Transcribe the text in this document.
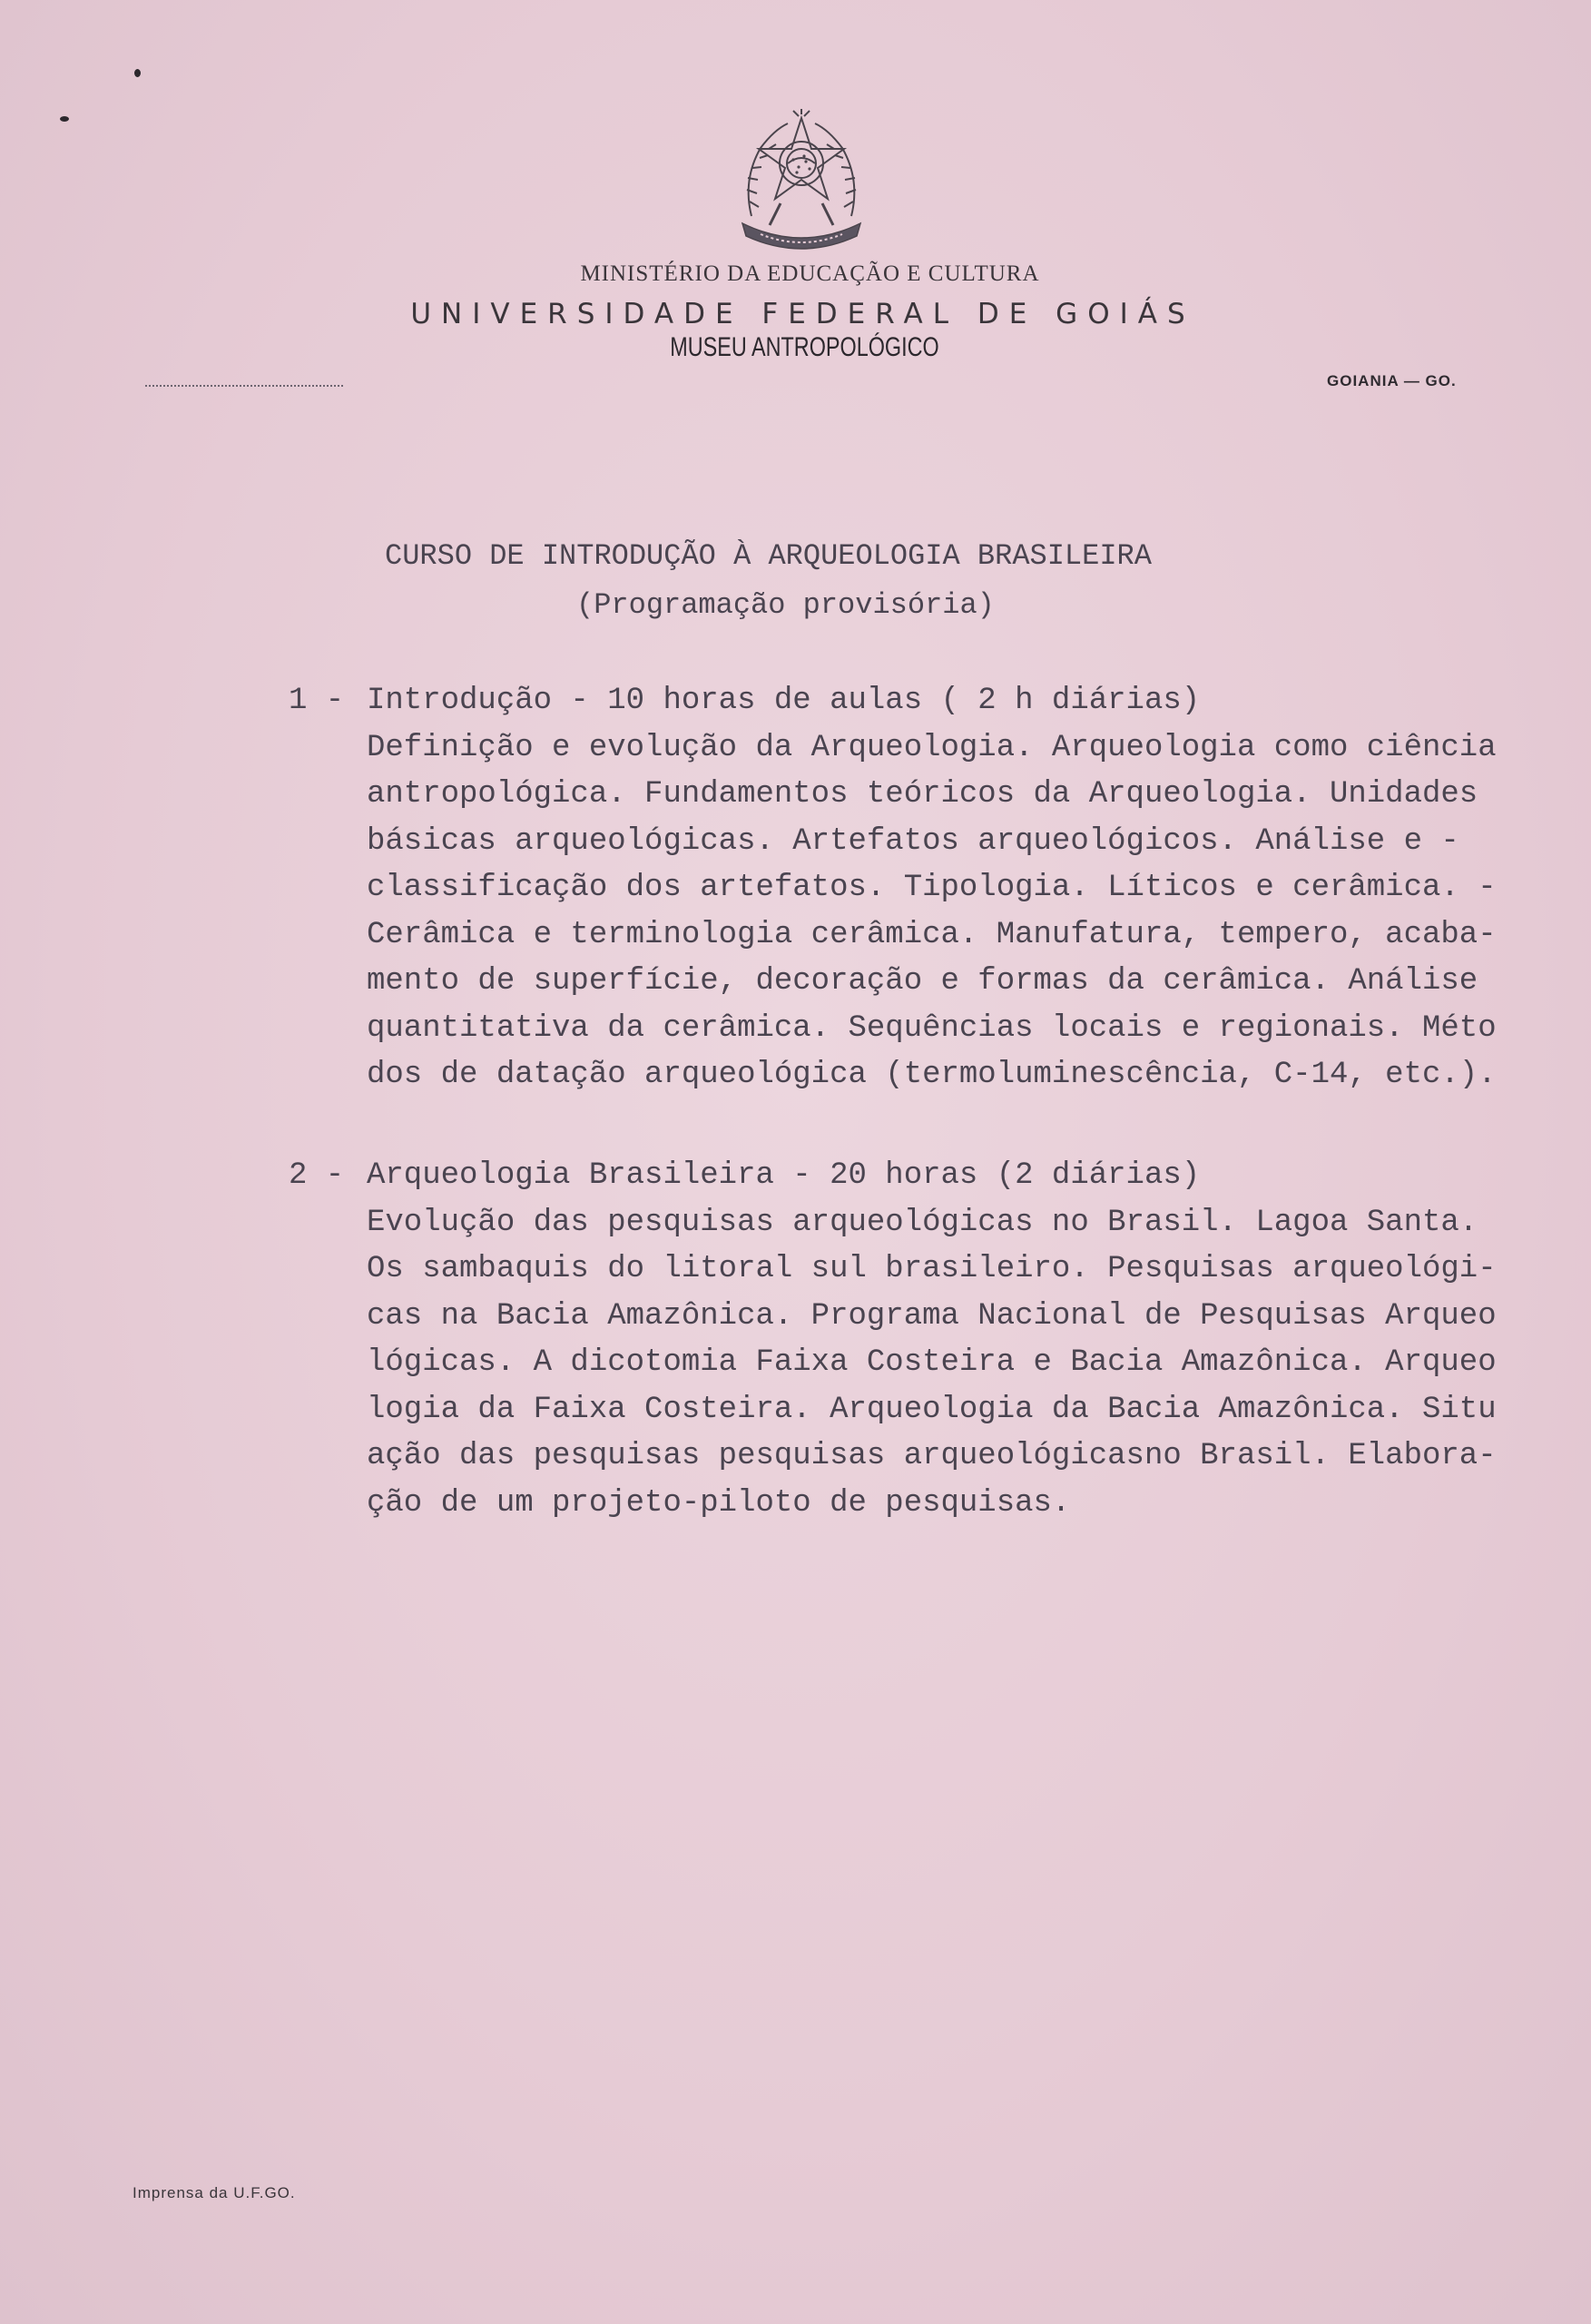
MINISTÉRIO DA EDUCAÇÃO E CULTURA
UNIVERSIDADE FEDERAL DE GOIÁS
MUSEU ANTROPOLÓGICO
GOIANIA — GO.
CURSO DE INTRODUÇÃO À ARQUEOLOGIA BRASILEIRA
(Programação provisória)
1 - Introdução - 10 horas de aulas ( 2 h diárias)
Definição e evolução da Arqueologia. Arqueologia como ciência
antropológica. Fundamentos teóricos da Arqueologia. Unidades
básicas arqueológicas. Artefatos arqueológicos. Análise e -
classificação dos artefatos. Tipologia. Líticos e cerâmica. -
Cerâmica e terminologia cerâmica. Manufatura, tempero, acaba-
mento de superfície, decoração e formas da cerâmica. Análise
quantitativa da cerâmica. Sequências locais e regionais. Méto
dos de datação arqueológica (termoluminescência, C-14, etc.).
2 - Arqueologia Brasileira - 20 horas (2 diárias)
Evolução das pesquisas arqueológicas no Brasil. Lagoa Santa.
Os sambaquis do litoral sul brasileiro. Pesquisas arqueológi-
cas na Bacia Amazônica. Programa Nacional de Pesquisas Arqueo
lógicas. A dicotomia Faixa Costeira e Bacia Amazônica. Arqueo
logia da Faixa Costeira. Arqueologia da Bacia Amazônica. Situ
ação das pesquisas pesquisas arqueológicasno Brasil. Elabora-
ção de um projeto-piloto de pesquisas.
Imprensa da U.F.GO.
